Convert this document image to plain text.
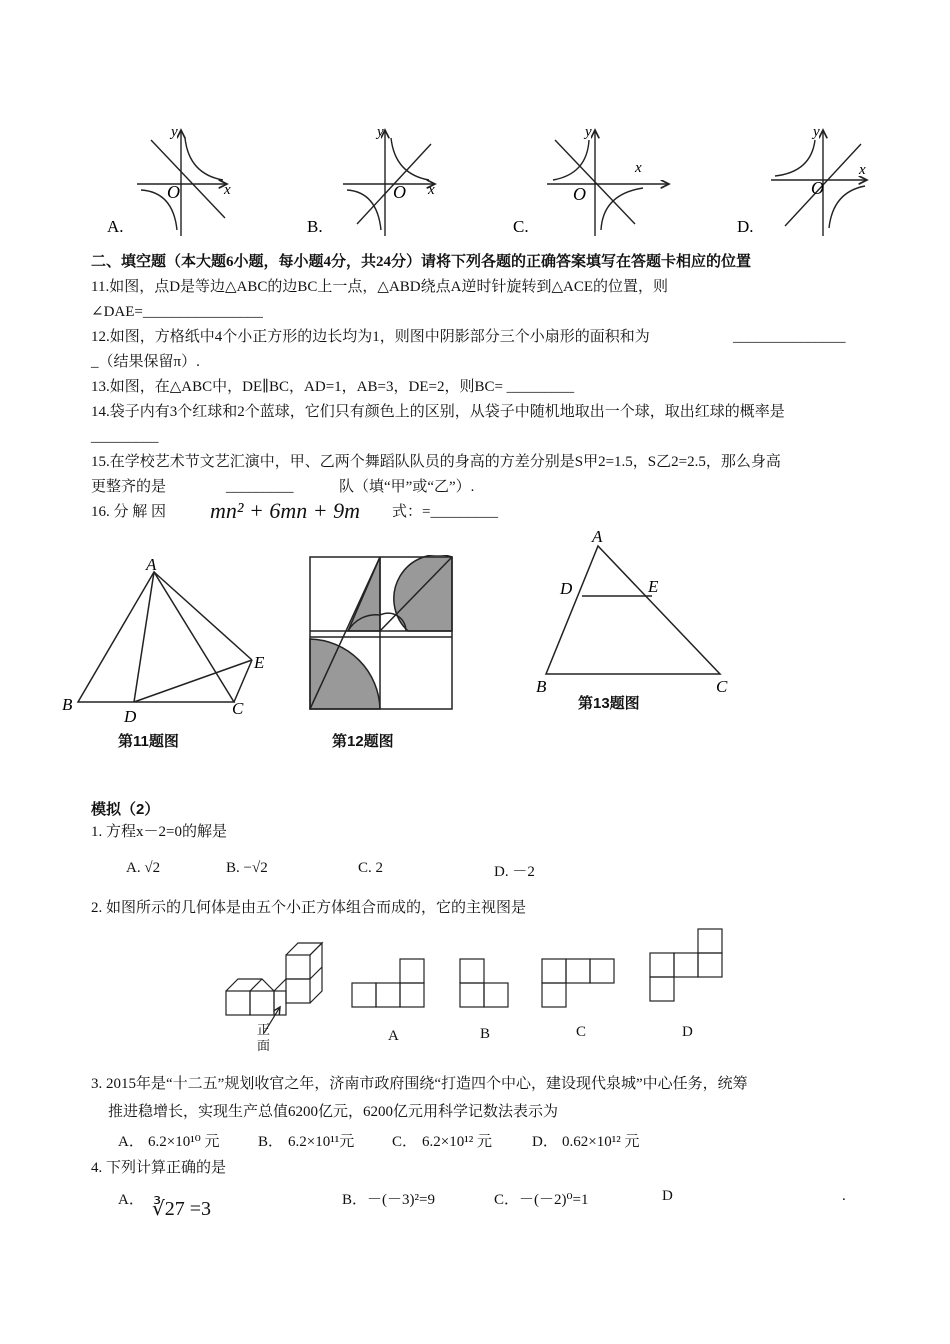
y
x
O
A.
y
x
O
B.
y
x
O
C.
y
x
O
D.
二、填空题（本大题6小题，每小题4分，共24分）请将下列各题的正确答案填写在答题卡相应的位置
11.如图，点D是等边△ABC的边BC上一点，△ABD绕点A逆时针旋转到△ACE的位置，则
∠DAE=________________
12.如图，方格纸中4个小正方形的边长均为1，则图中阴影部分三个小扇形的面积和为	_______________
_（结果保留π）.
13.如图，在△ABC中，DE∥BC，AD=1，AB=3，DE=2，则BC= _________
14.袋子内有3个红球和2个蓝球，它们只有颜色上的区别，从袋子中随机地取出一个球，取出红球的概率是
_________
15.在学校艺术节文艺汇演中，甲、乙两个舞蹈队队员的身高的方差分别是S甲2=1.5，S乙2=2.5，那么身高
更整齐的是	_________	队（填“甲”或“乙”）.
16. 分 解 因 mn² + 6mn + 9m 式：=_________
A
B	C
D
E
第11题图	第12题图
A
B	C
D	E
第13题图
模拟（2）
1. 方程x－2=0的解是
A. √2	B. −√2	C. 2	D. －2
2. 如图所示的几何体是由五个小正方体组合而成的，它的主视图是
正面
A	B	C	D
3. 2015年是“十二五”规划收官之年，济南市政府围绕“打造四个中心，建设现代泉城”中心任务，统筹
推进稳增长，实现生产总值6200亿元，6200亿元用科学记数法表示为
A． 6.2×10¹⁰ 元	B． 6.2×10¹¹元	C． 6.2×10¹² 元	D． 0.62×10¹² 元
4. 下列计算正确的是
A． ∛27 =3	B．－(－3)²=9	C．－(－2)⁰=1	D	.
